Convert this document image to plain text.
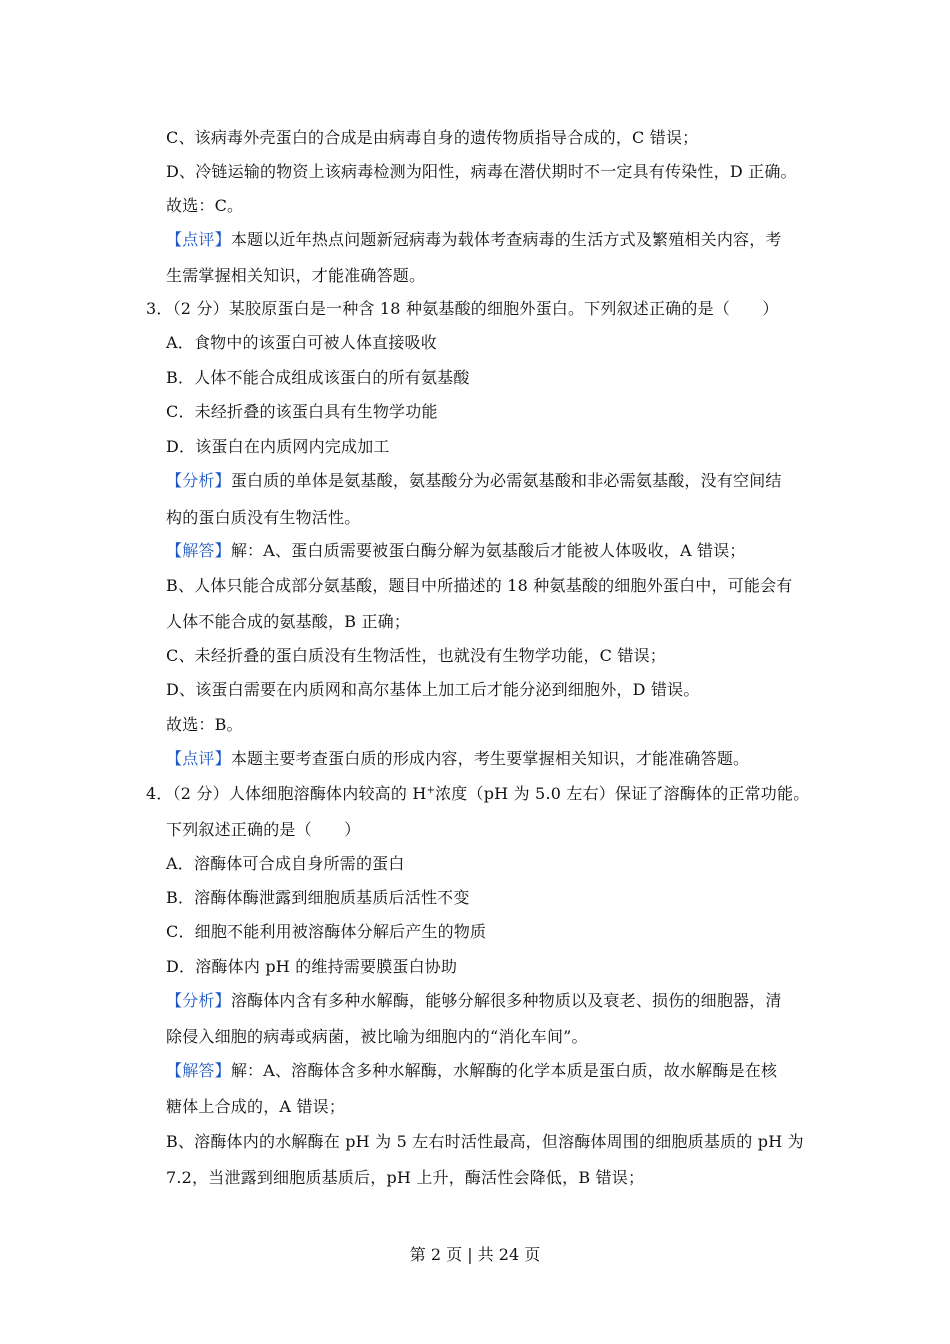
C、该病毒外壳蛋白的合成是由病毒自身的遗传物质指导合成的，C 错误；
D、冷链运输的物资上该病毒检测为阳性，病毒在潜伏期时不一定具有传染性，D 正确。
故选：C。
【点评】本题以近年热点问题新冠病毒为载体考查病毒的生活方式及繁殖相关内容，考
生需掌握相关知识，才能准确答题。
3．（2 分）某胶原蛋白是一种含 18 种氨基酸的细胞外蛋白。下列叙述正确的是（　　）
A．食物中的该蛋白可被人体直接吸收
B．人体不能合成组成该蛋白的所有氨基酸
C．未经折叠的该蛋白具有生物学功能
D．该蛋白在内质网内完成加工
【分析】蛋白质的单体是氨基酸，氨基酸分为必需氨基酸和非必需氨基酸，没有空间结
构的蛋白质没有生物活性。
【解答】解：A、蛋白质需要被蛋白酶分解为氨基酸后才能被人体吸收，A 错误；
B、人体只能合成部分氨基酸，题目中所描述的 18 种氨基酸的细胞外蛋白中，可能会有
人体不能合成的氨基酸，B 正确；
C、未经折叠的蛋白质没有生物活性，也就没有生物学功能，C 错误；
D、该蛋白需要在内质网和高尔基体上加工后才能分泌到细胞外，D 错误。
故选：B。
【点评】本题主要考查蛋白质的形成内容，考生要掌握相关知识，才能准确答题。
4．（2 分）人体细胞溶酶体内较高的 H+浓度（pH 为 5.0 左右）保证了溶酶体的正常功能。
下列叙述正确的是（　　）
A．溶酶体可合成自身所需的蛋白
B．溶酶体酶泄露到细胞质基质后活性不变
C．细胞不能利用被溶酶体分解后产生的物质
D．溶酶体内 pH 的维持需要膜蛋白协助
【分析】溶酶体内含有多种水解酶，能够分解很多种物质以及衰老、损伤的细胞器，清
除侵入细胞的病毒或病菌，被比喻为细胞内的“消化车间”。
【解答】解：A、溶酶体含多种水解酶，水解酶的化学本质是蛋白质，故水解酶是在核
糖体上合成的，A 错误；
B、溶酶体内的水解酶在 pH 为 5 左右时活性最高，但溶酶体周围的细胞质基质的 pH 为
7.2，当泄露到细胞质基质后，pH 上升，酶活性会降低，B 错误；
第 2 页 | 共 24 页
